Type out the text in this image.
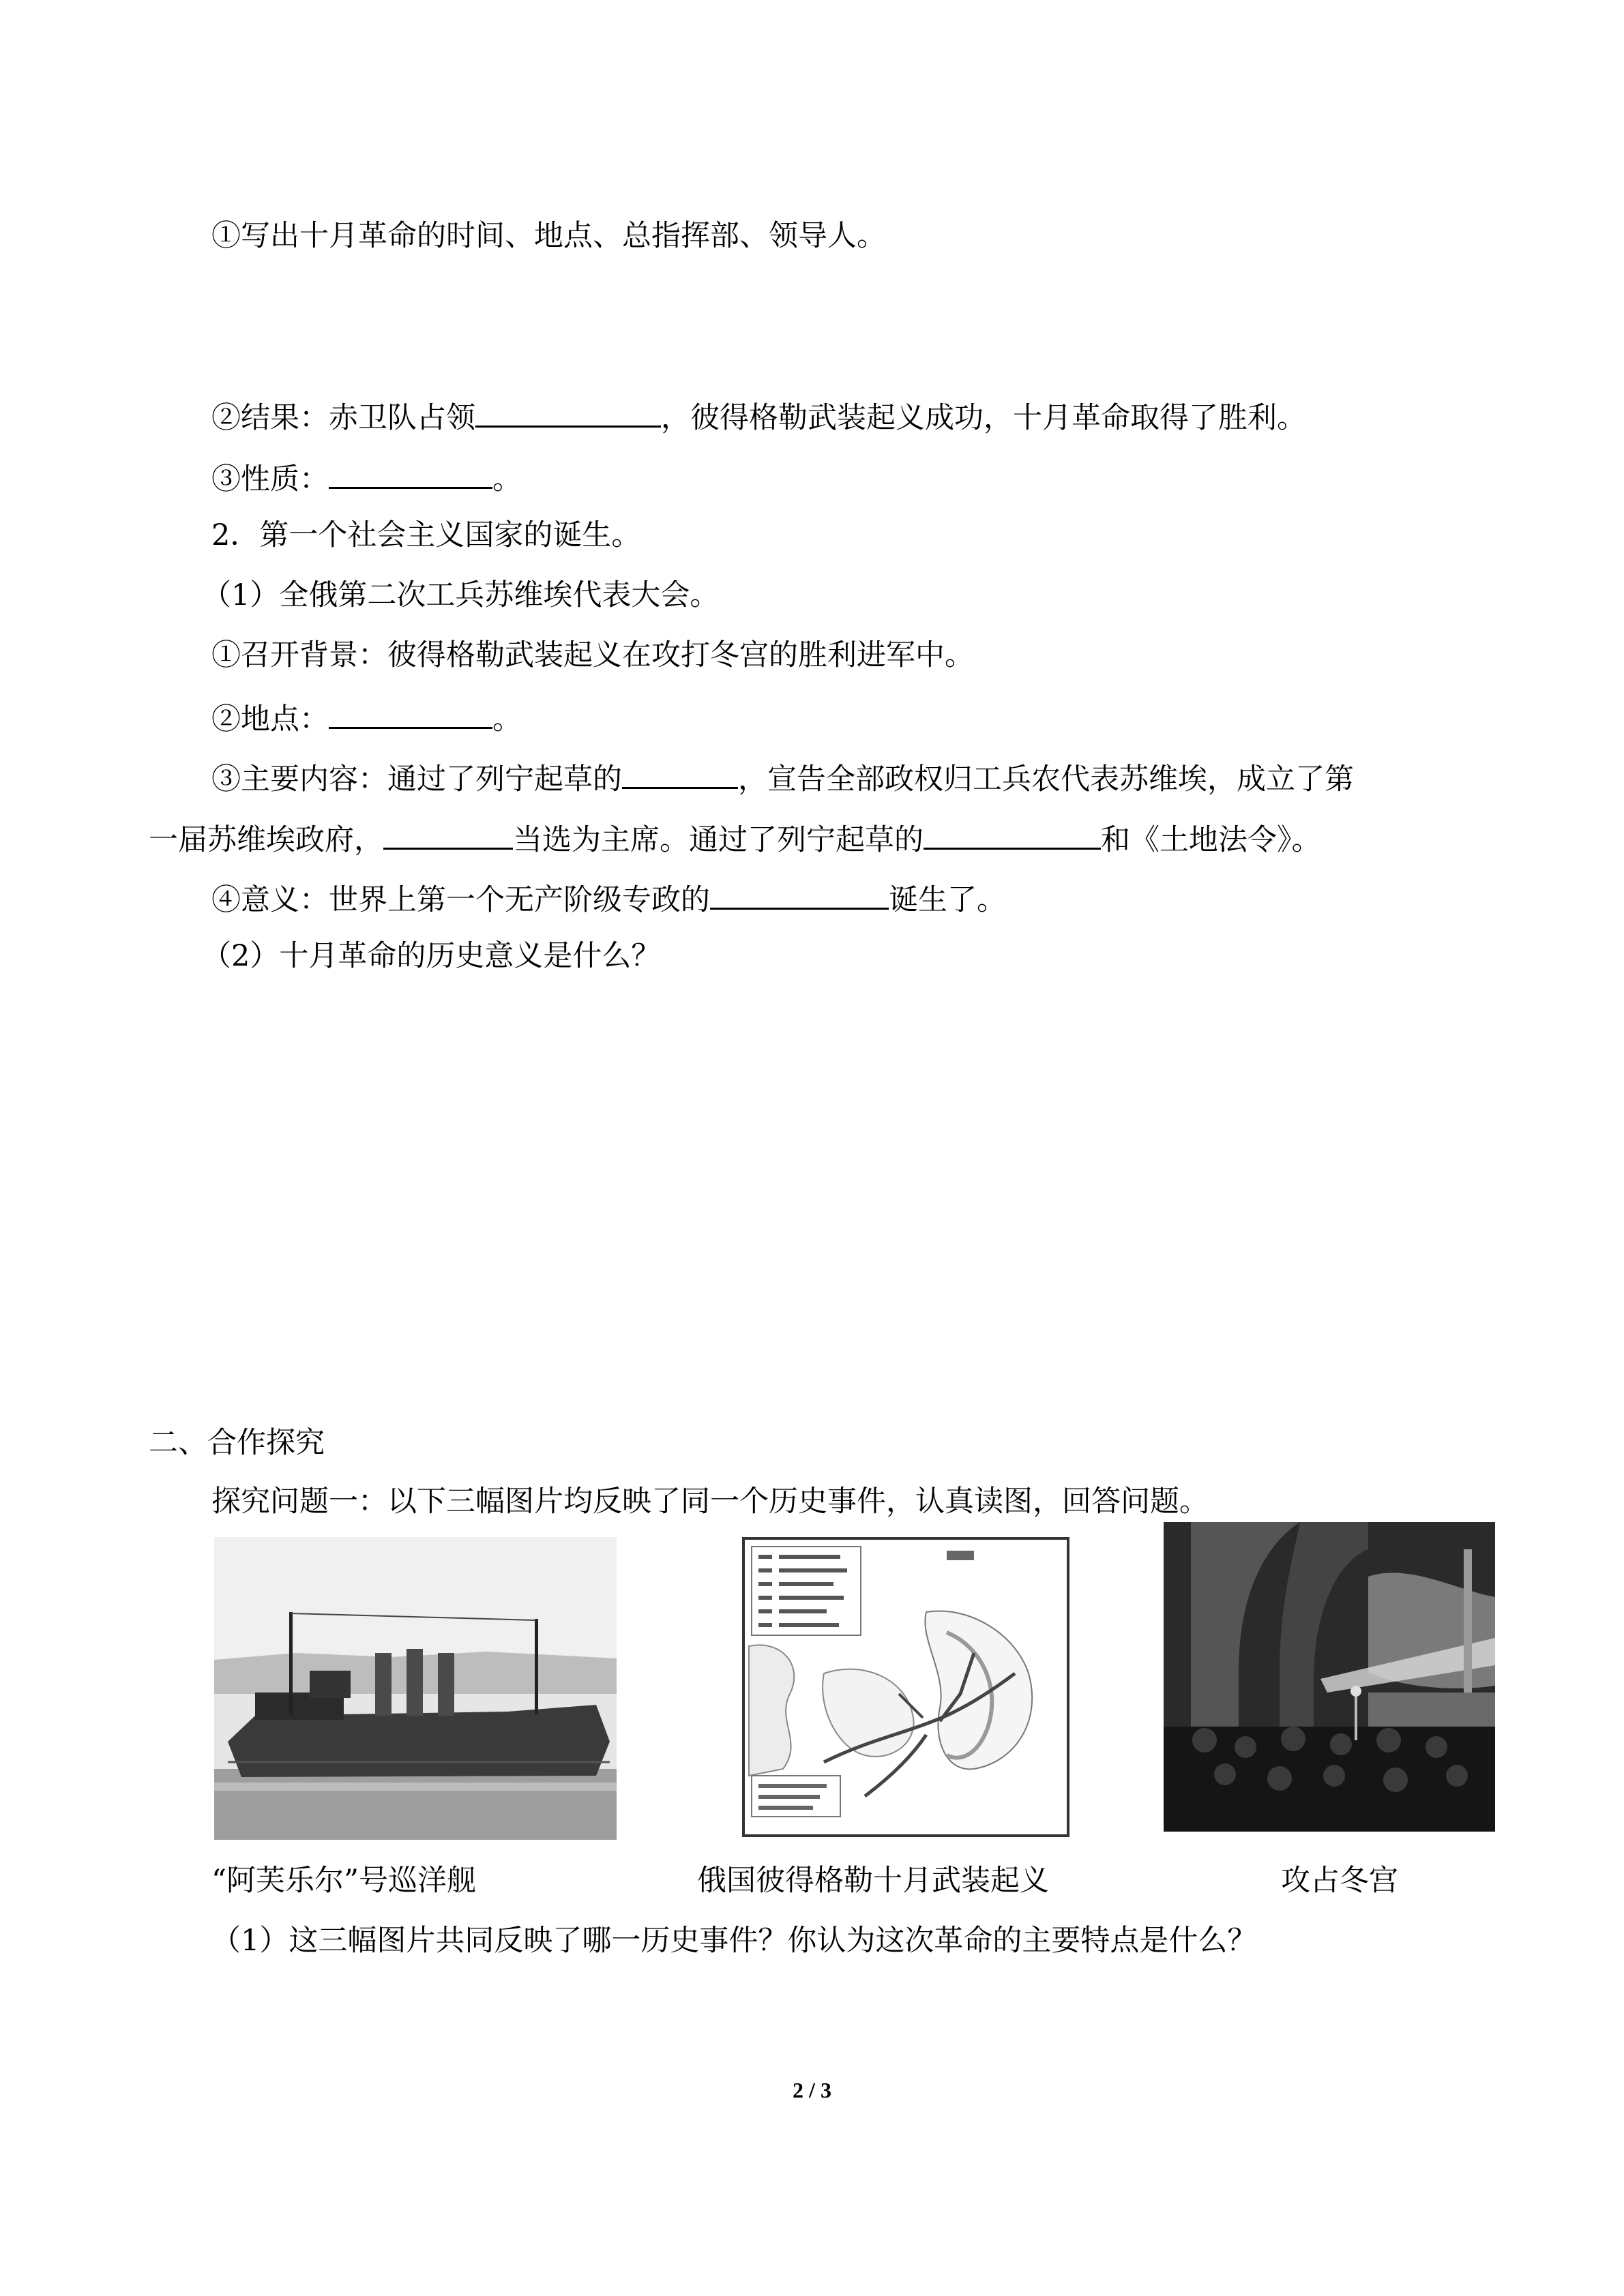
①写出十月革命的时间、地点、总指挥部、领导人。
②结果：赤卫队占领	，彼得格勒武装起义成功，十月革命取得了胜利。
③性质：	。
2．第一个社会主义国家的诞生。
（1）全俄第二次工兵苏维埃代表大会。
①召开背景：彼得格勒武装起义在攻打冬宫的胜利进军中。
②地点：	。
③主要内容：通过了列宁起草的	，宣告全部政权归工兵农代表苏维埃，成立了第
一届苏维埃政府，	当选为主席。通过了列宁起草的	和《土地法令》。
④意义：世界上第一个无产阶级专政的	诞生了。
（2）十月革命的历史意义是什么？
二、合作探究
探究问题一：以下三幅图片均反映了同一个历史事件，认真读图，回答问题。
“阿芙乐尔”号巡洋舰	俄国彼得格勒十月武装起义	攻占冬宫
（1）这三幅图片共同反映了哪一历史事件？你认为这次革命的主要特点是什么？
2 / 3
